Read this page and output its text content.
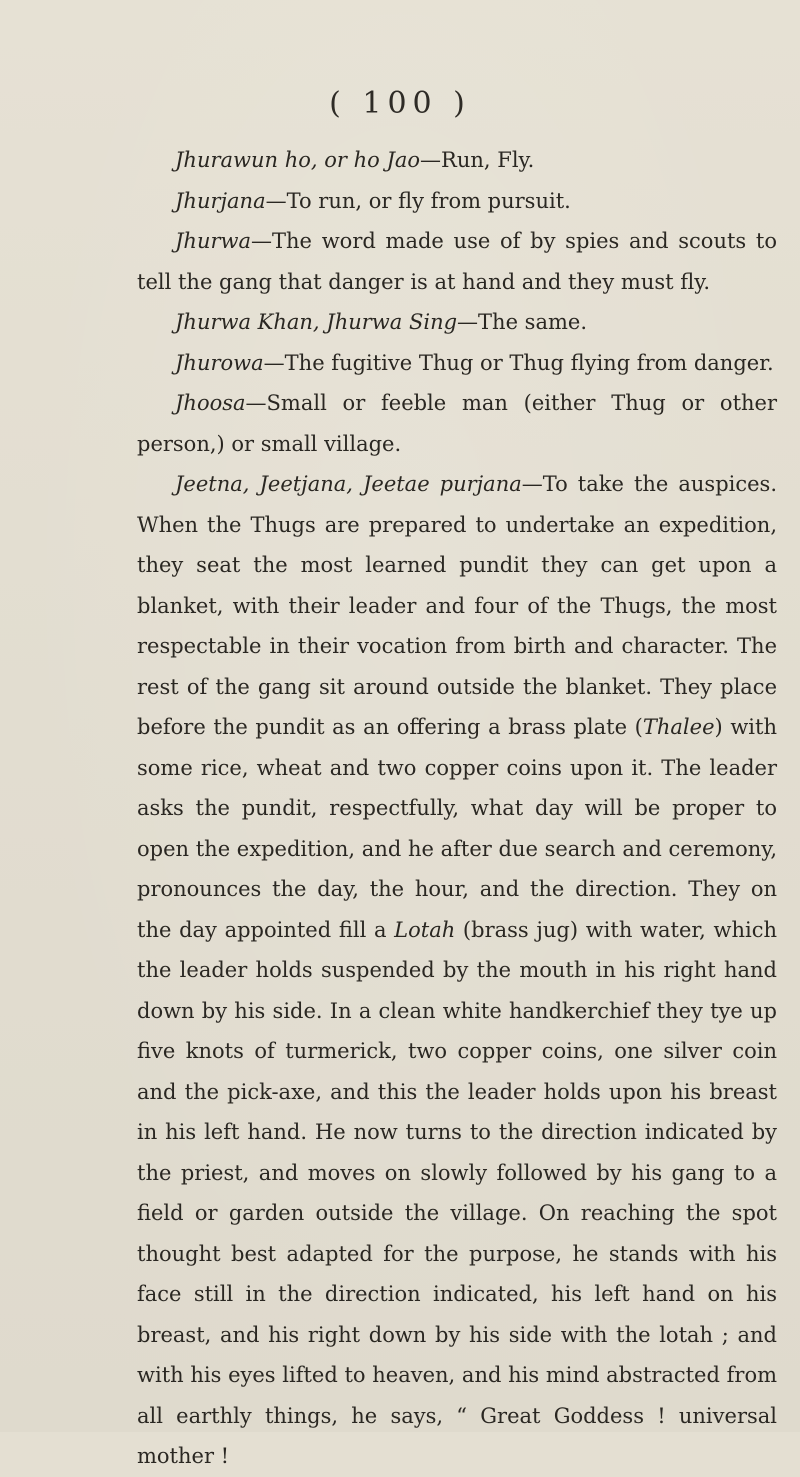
( 100 )

Jhurawun ho, or ho Jao—Run, Fly.

Jhurjana—To run, or fly from pursuit.

Jhurwa—The word made use of by spies and scouts to tell the gang that danger is at hand and they must fly.

Jhurwa Khan, Jhurwa Sing—The same.

Jhurowa—The fugitive Thug or Thug flying from danger.

Jhoosa—Small or feeble man (either Thug or other person,) or small village.

Jeetna, Jeetjana, Jeetae purjana—To take the auspices. When the Thugs are prepared to undertake an expedition, they seat the most learned pundit they can get upon a blanket, with their leader and four of the Thugs, the most respectable in their vocation from birth and character. The rest of the gang sit around outside the blanket. They place before the pundit as an offering a brass plate (Thalee) with some rice, wheat and two copper coins upon it. The leader asks the pundit, respectfully, what day will be proper to open the expedition, and he after due search and ceremony, pronounces the day, the hour, and the direction. They on the day appointed fill a Lotah (brass jug) with water, which the leader holds suspended by the mouth in his right hand down by his side. In a clean white handkerchief they tye up five knots of turmerick, two copper coins, one silver coin and the pick-axe, and this the leader holds upon his breast in his left hand. He now turns to the direction indicated by the priest, and moves on slowly followed by his gang to a field or garden outside the village. On reaching the spot thought best adapted for the purpose, he stands with his face still in the direction indicated, his left hand on his breast, and his right down by his side with the lotah ; and with his eyes lifted to heaven, and his mind abstracted from all earthly things, he says, “ Great Goddess ! universal mother !
